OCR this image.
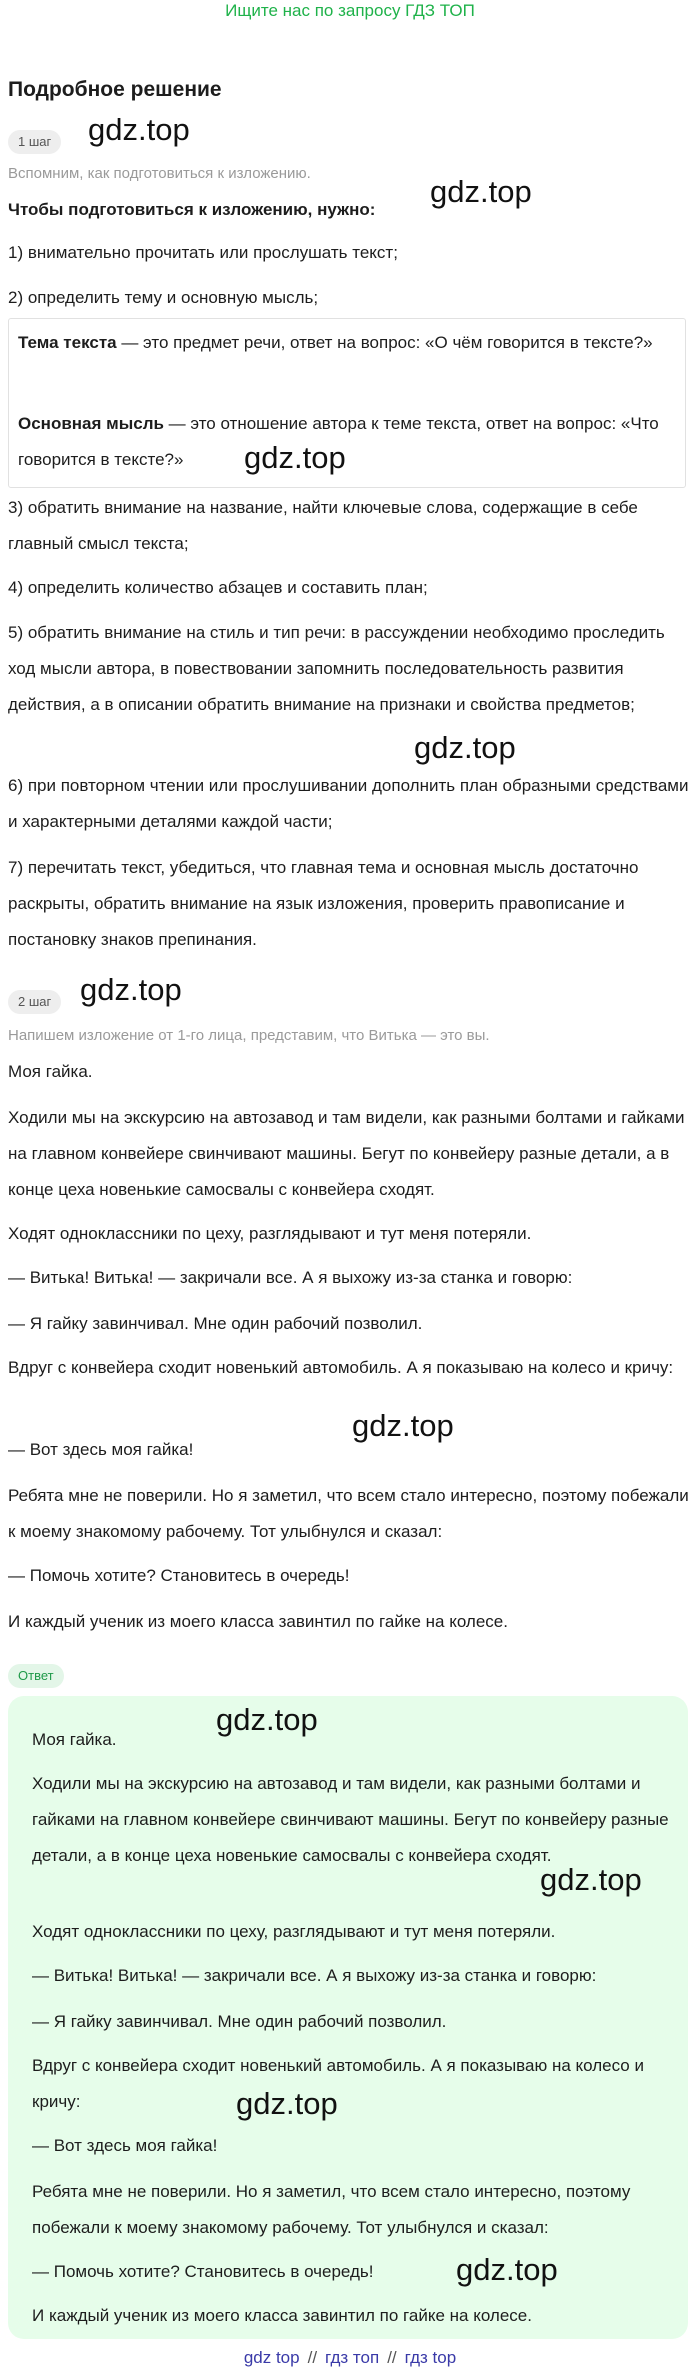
Ищите нас по запросу ГДЗ ТОП
Подробное решение
1 шаг	gdz.top
Вспомним, как подготовиться к изложению.
gdz.top

Чтобы подготовиться к изложению, нужно:

1) внимательно прочитать или прослушать текст;

2) определить тему и основную мысль;

Тема текста — это предмет речи, ответ на вопрос: «О чём говорится в тексте?»

Основная мысль — это отношение автора к теме текста, ответ на вопрос: «Что говорится в тексте?»	gdz.top

3) обратить внимание на название, найти ключевые слова, содержащие в себе главный смысл текста;

4) определить количество абзацев и составить план;

5) обратить внимание на стиль и тип речи: в рассуждении необходимо проследить ход мысли автора, в повествовании запомнить последовательность развития действия, а в описании обратить внимание на признаки и свойства предметов;

gdz.top

6) при повторном чтении или прослушивании дополнить план образными средствами и характерными деталями каждой части;

7) перечитать текст, убедиться, что главная тема и основная мысль достаточно раскрыты, обратить внимание на язык изложения, проверить правописание и постановку знаков препинания.

2 шаг gdz.top
Напишем изложение от 1-го лица, представим, что Витька — это вы.

Моя гайка.

Ходили мы на экскурсию на автозавод и там видели, как разными болтами и гайками на главном конвейере свинчивают машины. Бегут по конвейеру разные детали, а в конце цеха новенькие самосвалы с конвейера сходят.

Ходят одноклассники по цеху, разглядывают и тут меня потеряли.

— Витька! Витька! — закричали все. А я выхожу из-за станка и говорю:

— Я гайку завинчивал. Мне один рабочий позволил.

Вдруг с конвейера сходит новенький автомобиль. А я показываю на колесо и кричу:

gdz.top

— Вот здесь моя гайка!

Ребята мне не поверили. Но я заметил, что всем стало интересно, поэтому побежали к моему знакомому рабочему. Тот улыбнулся и сказал:

— Помочь хотите? Становитесь в очередь!

И каждый ученик из моего класса завинтил по гайке на колесе.

Ответ

Моя гайка.

Ходили мы на экскурсию на автозавод и там видели, как разными болтами и гайками на главном конвейере свинчивают машины. Бегут по конвейеру разные детали, а в конце цеха новенькие самосвалы с конвейера сходят.

Ходят одноклассники по цеху, разглядывают и тут меня потеряли.

— Витька! Витька! — закричали все. А я выхожу из-за станка и говорю:

— Я гайку завинчивал. Мне один рабочий позволил.

Вдруг с конвейера сходит новенький автомобиль. А я показываю на колесо и кричу:

— Вот здесь моя гайка!

Ребята мне не поверили. Но я заметил, что всем стало интересно, поэтому побежали к моему знакомому рабочему. Тот улыбнулся и сказал:

— Помочь хотите? Становитесь в очередь!

И каждый ученик из моего класса завинтил по гайке на колесе.

gdz.top
gdz.top
gdz.top
gdz.top
gdz top // гдз топ // гдз top
